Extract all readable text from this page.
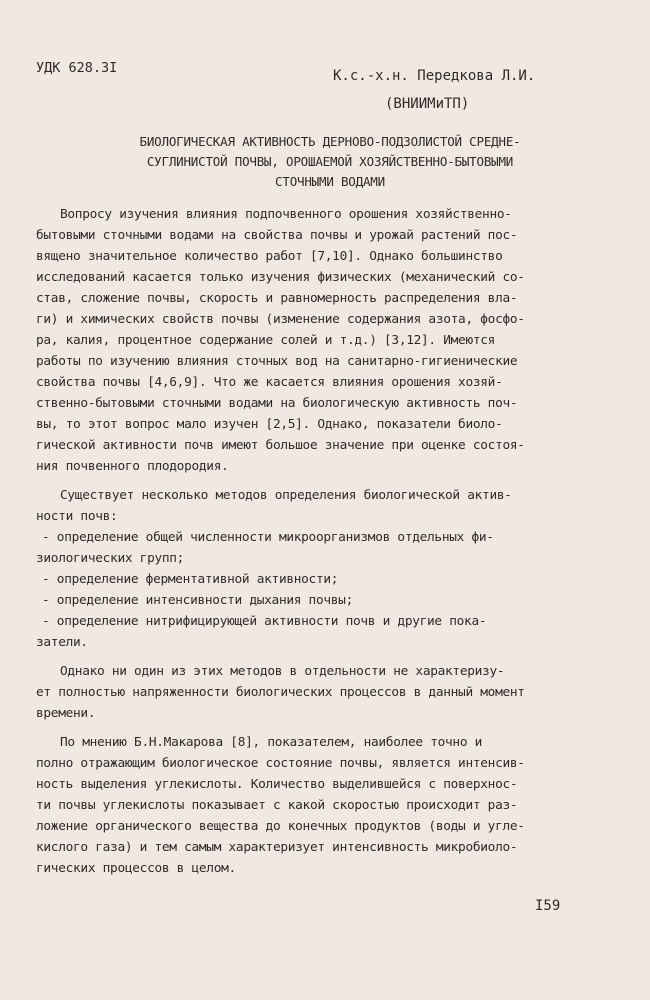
УДК 628.3I	К.с.-х.н. Передкова Л.И.
(ВНИИМиТП)
БИОЛОГИЧЕСКАЯ АКТИВНОСТЬ ДЕРНОВО-ПОДЗОЛИСТОЙ СРЕДНЕ-
СУГЛИНИСТОЙ ПОЧВЫ, ОРОШАЕМОЙ ХОЗЯЙСТВЕННО-БЫТОВЫМИ
СТОЧНЫМИ ВОДАМИ

Вопросу изучения влияния подпочвенного орошения хозяйственно-

бытовыми сточными водами на свойства почвы и урожай растений пос-

вящено значительное количество работ [7,10]. Однако большинство

исследований касается только изучения физических (механический со-

став, сложение почвы, скорость и равномерность распределения вла-

ги) и химических свойств почвы (изменение содержания азота, фосфо-

ра, калия, процентное содержание солей и т.д.) [3,12]. Имеются

работы по изучению влияния сточных вод на санитарно-гигиенические

свойства почвы [4,6,9]. Что же касается влияния орошения хозяй-

ственно-бытовыми сточными водами на биологическую активность поч-

вы, то этот вопрос мало изучен [2,5]. Однако, показатели биоло-

гической активности почв имеют большое значение при оценке состоя-

ния почвенного плодородия.

Существует несколько методов определения биологической актив-

ности почв:

- определение общей численности микроорганизмов отдельных фи-

зиологических групп;

- определение ферментативной активности;

- определение интенсивности дыхания почвы;

- определение нитрифицирующей активности почв и другие пока-

затели.

Однако ни один из этих методов в отдельности не характеризу-

ет полностью напряженности биологических процессов в данный момент

времени.

По мнению Б.Н.Макарова [8], показателем, наиболее точно и

полно отражающим биологическое состояние почвы, является интенсив-

ность выделения углекислоты. Количество выделившейся с поверхнос-

ти почвы углекислоты показывает с какой скоростью происходит раз-

ложение органического вещества до конечных продуктов (воды и угле-

кислого газа) и тем самым характеризует интенсивность микробиоло-

гических процессов в целом.

I59
